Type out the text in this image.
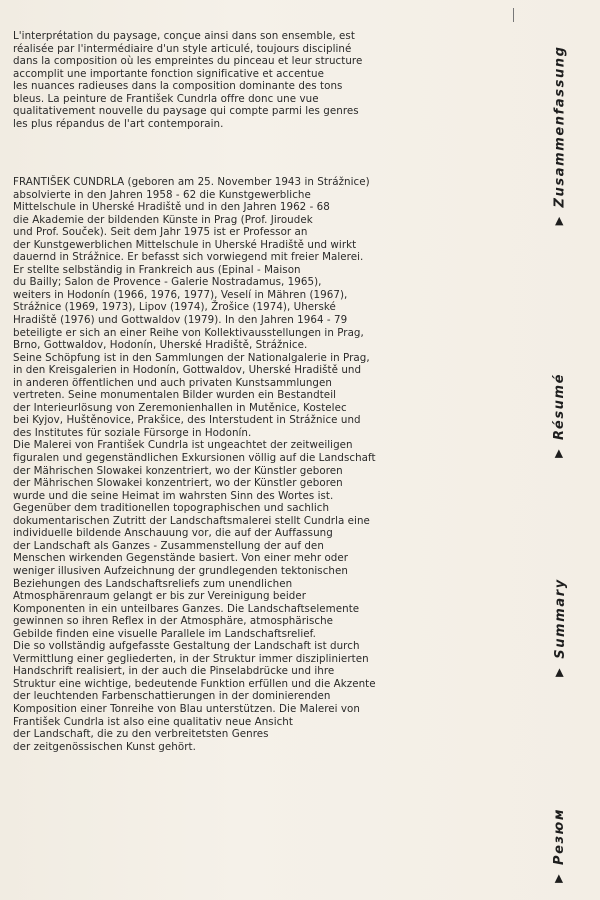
L'interprétation du paysage, conçue ainsi dans son ensemble, est
réalisée par l'intermédiaire d'un style articulé, toujours discipliné
dans la composition où les empreintes du pinceau et leur structure
accomplit une importante fonction significative et accentue
les nuances radieuses dans la composition dominante des tons
bleus. La peinture de František Cundrla offre donc une vue
qualitativement nouvelle du paysage qui compte parmi les genres
les plus répandus de l'art contemporain.
FRANTIŠEK CUNDRLA (geboren am 25. November 1943 in Strážnice)
absolvierte in den Jahren 1958 - 62 die Kunstgewerbliche
Mittelschule in Uherské Hradiště und in den Jahren 1962 - 68
die Akademie der bildenden Künste in Prag (Prof. Jiroudek
und Prof. Souček). Seit dem Jahr 1975 ist er Professor an
der Kunstgewerblichen Mittelschule in Uherské Hradiště und wirkt
dauernd in Strážnice. Er befasst sich vorwiegend mit freier Malerei.
Er stellte selbständig in Frankreich aus (Epinal - Maison
du Bailly; Salon de Provence - Galerie Nostradamus, 1965),
weiters in Hodonín (1966, 1976, 1977), Veselí in Mähren (1967),
Strážnice (1969, 1973), Lipov (1974), Žrošice (1974), Uherské
Hradiště (1976) und Gottwaldov (1979). In den Jahren 1964 - 79
beteiligte er sich an einer Reihe von Kollektivausstellungen in Prag,
Brno, Gottwaldov, Hodonín, Uherské Hradiště, Strážnice.
Seine Schöpfung ist in den Sammlungen der Nationalgalerie in Prag,
in den Kreisgalerien in Hodonín, Gottwaldov, Uherské Hradiště und
in anderen öffentlichen und auch privaten Kunstsammlungen
vertreten. Seine monumentalen Bilder wurden ein Bestandteil
der Interieurlösung von Zeremonienhallen in Mutěnice, Kostelec
bei Kyjov, Huštěnovice, Prakšice, des Interstudent in Strážnice und
des Institutes für soziale Fürsorge in Hodonín.
Die Malerei von František Cundrla ist ungeachtet der zeitweiligen
figuralen und gegenständlichen Exkursionen völlig auf die Landschaft
der Mährischen Slowakei konzentriert, wo der Künstler geboren
der Mährischen Slowakei konzentriert, wo der Künstler geboren
wurde und die seine Heimat im wahrsten Sinn des Wortes ist.
Gegenüber dem traditionellen topographischen und sachlich
dokumentarischen Zutritt der Landschaftsmalerei stellt Cundrla eine
individuelle bildende Anschauung vor, die auf der Auffassung
der Landschaft als Ganzes - Zusammenstellung der auf den
Menschen wirkenden Gegenstände basiert. Von einer mehr oder
weniger illusiven Aufzeichnung der grundlegenden tektonischen
Beziehungen des Landschaftsreliefs zum unendlichen
Atmosphärenraum gelangt er bis zur Vereinigung beider
Komponenten in ein unteilbares Ganzes. Die Landschaftselemente
gewinnen so ihren Reflex in der Atmosphäre, atmosphärische
Gebilde finden eine visuelle Parallele im Landschaftsrelief.
Die so vollständig aufgefasste Gestaltung der Landschaft ist durch
Vermittlung einer gegliederten, in der Struktur immer disziplinierten
Handschrift realisiert, in der auch die Pinselabdrücke und ihre
Struktur eine wichtige, bedeutende Funktion erfüllen und die Akzente
der leuchtenden Farbenschattierungen in der dominierenden
Komposition einer Tonreihe von Blau unterstützen. Die Malerei von
František Cundrla ist also eine qualitativ neue Ansicht
der Landschaft, die zu den verbreitetsten Genres
der zeitgenössischen Kunst gehört.
▲
Zusammenfassung
▲
Résumé
▲
Summary
▲
Резюм
